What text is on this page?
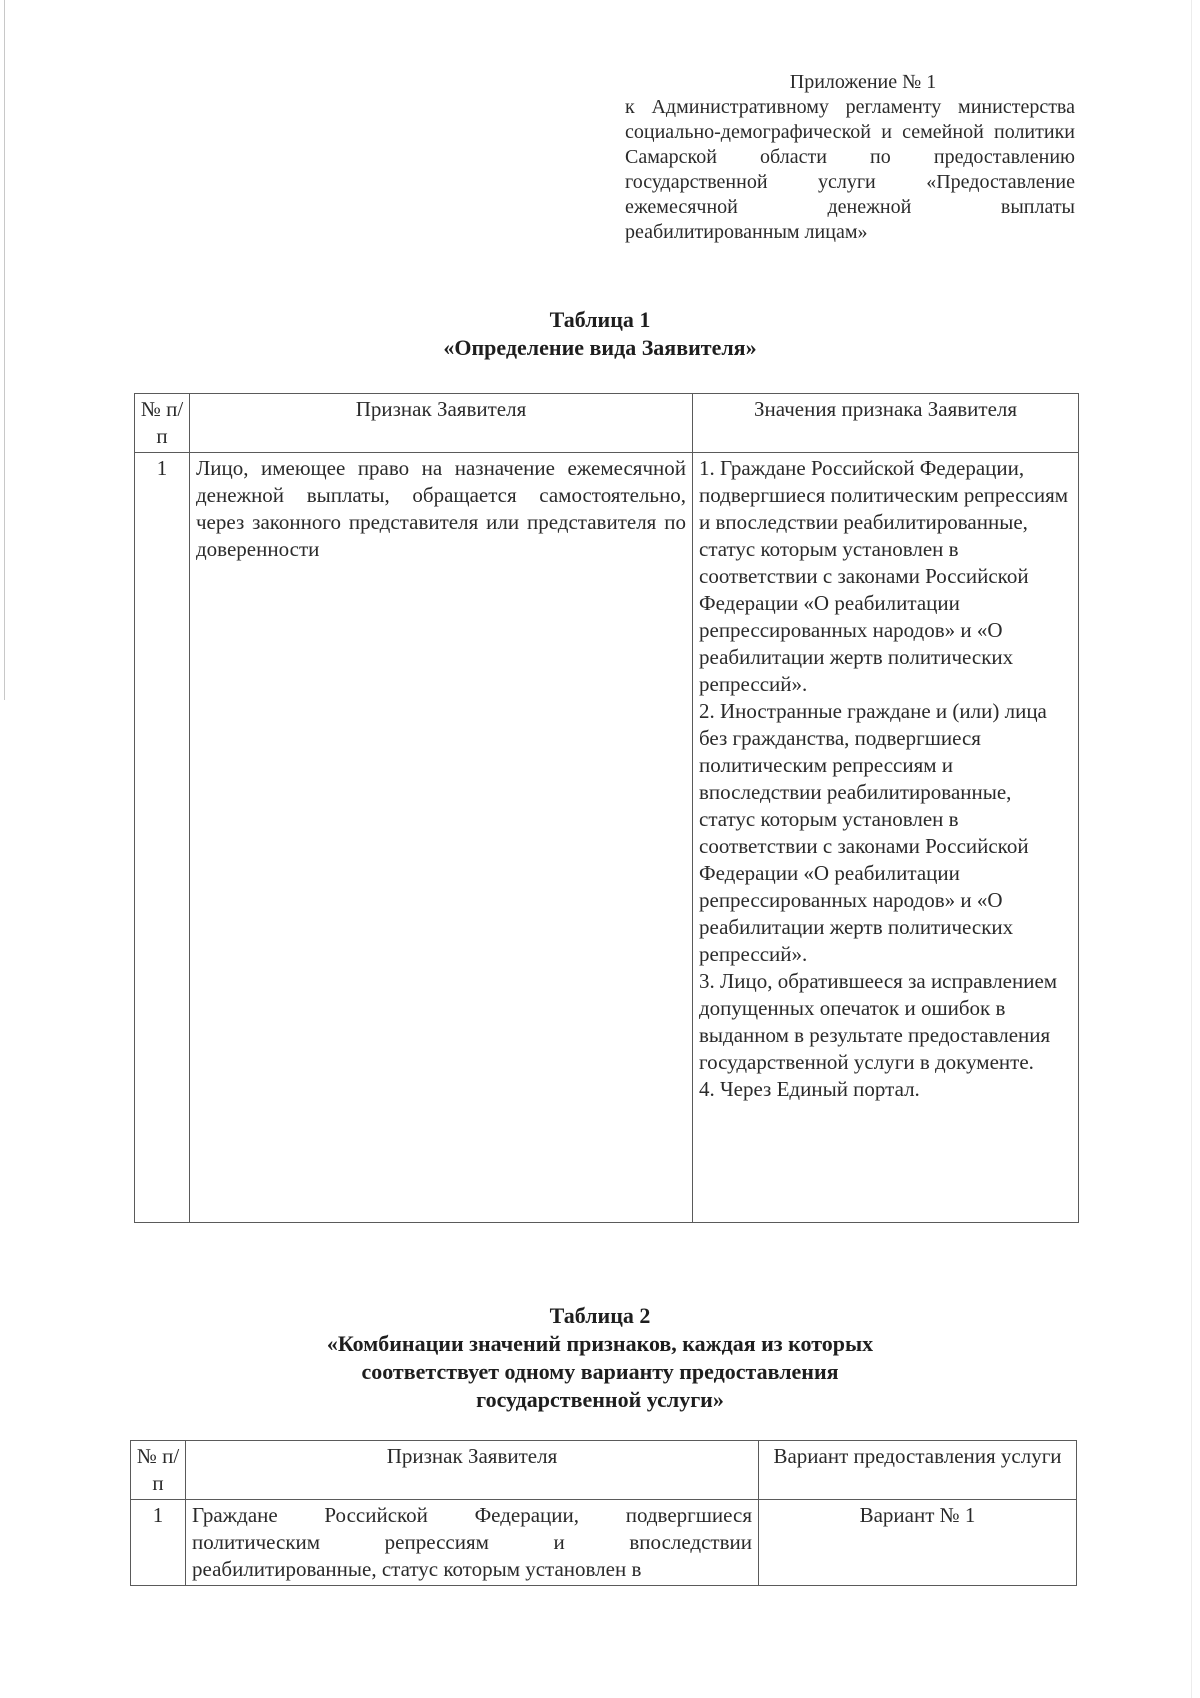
Приложение № 1
к Административному регламенту министерства социально-демографической и семейной политики Самарской области по предоставлению государственной услуги «Предоставление ежемесячной денежной выплаты реабилитированным лицам»
Таблица 1
«Определение вида Заявителя»
№ п/п	Признак Заявителя	Значения признака Заявителя
1	Лицо, имеющее право на назначение ежемесячной денежной выплаты, обращается самостоятельно, через законного представителя или представителя по доверенности	1. Граждане Российской Федерации, подвергшиеся политическим репрессиям и впоследствии реабилитированные, статус которым установлен в соответствии с законами Российской Федерации «О реабилитации репрессированных народов» и «О реабилитации жертв политических репрессий».
2. Иностранные граждане и (или) лица без гражданства, подвергшиеся политическим репрессиям и впоследствии реабилитированные, статус которым установлен в соответствии с законами Российской Федерации «О реабилитации репрессированных народов» и «О реабилитации жертв политических репрессий».
3. Лицо, обратившееся за исправлением допущенных опечаток и ошибок в выданном в результате предоставления государственной услуги в документе.
4. Через Единый портал.
Таблица 2
«Комбинации значений признаков, каждая из которых
соответствует одному варианту предоставления
государственной услуги»
№ п/п	Признак Заявителя	Вариант предоставления услуги
1	Граждане Российской Федерации, подвергшиеся политическим репрессиям и впоследствии реабилитированные, статус которым установлен в	Вариант № 1
